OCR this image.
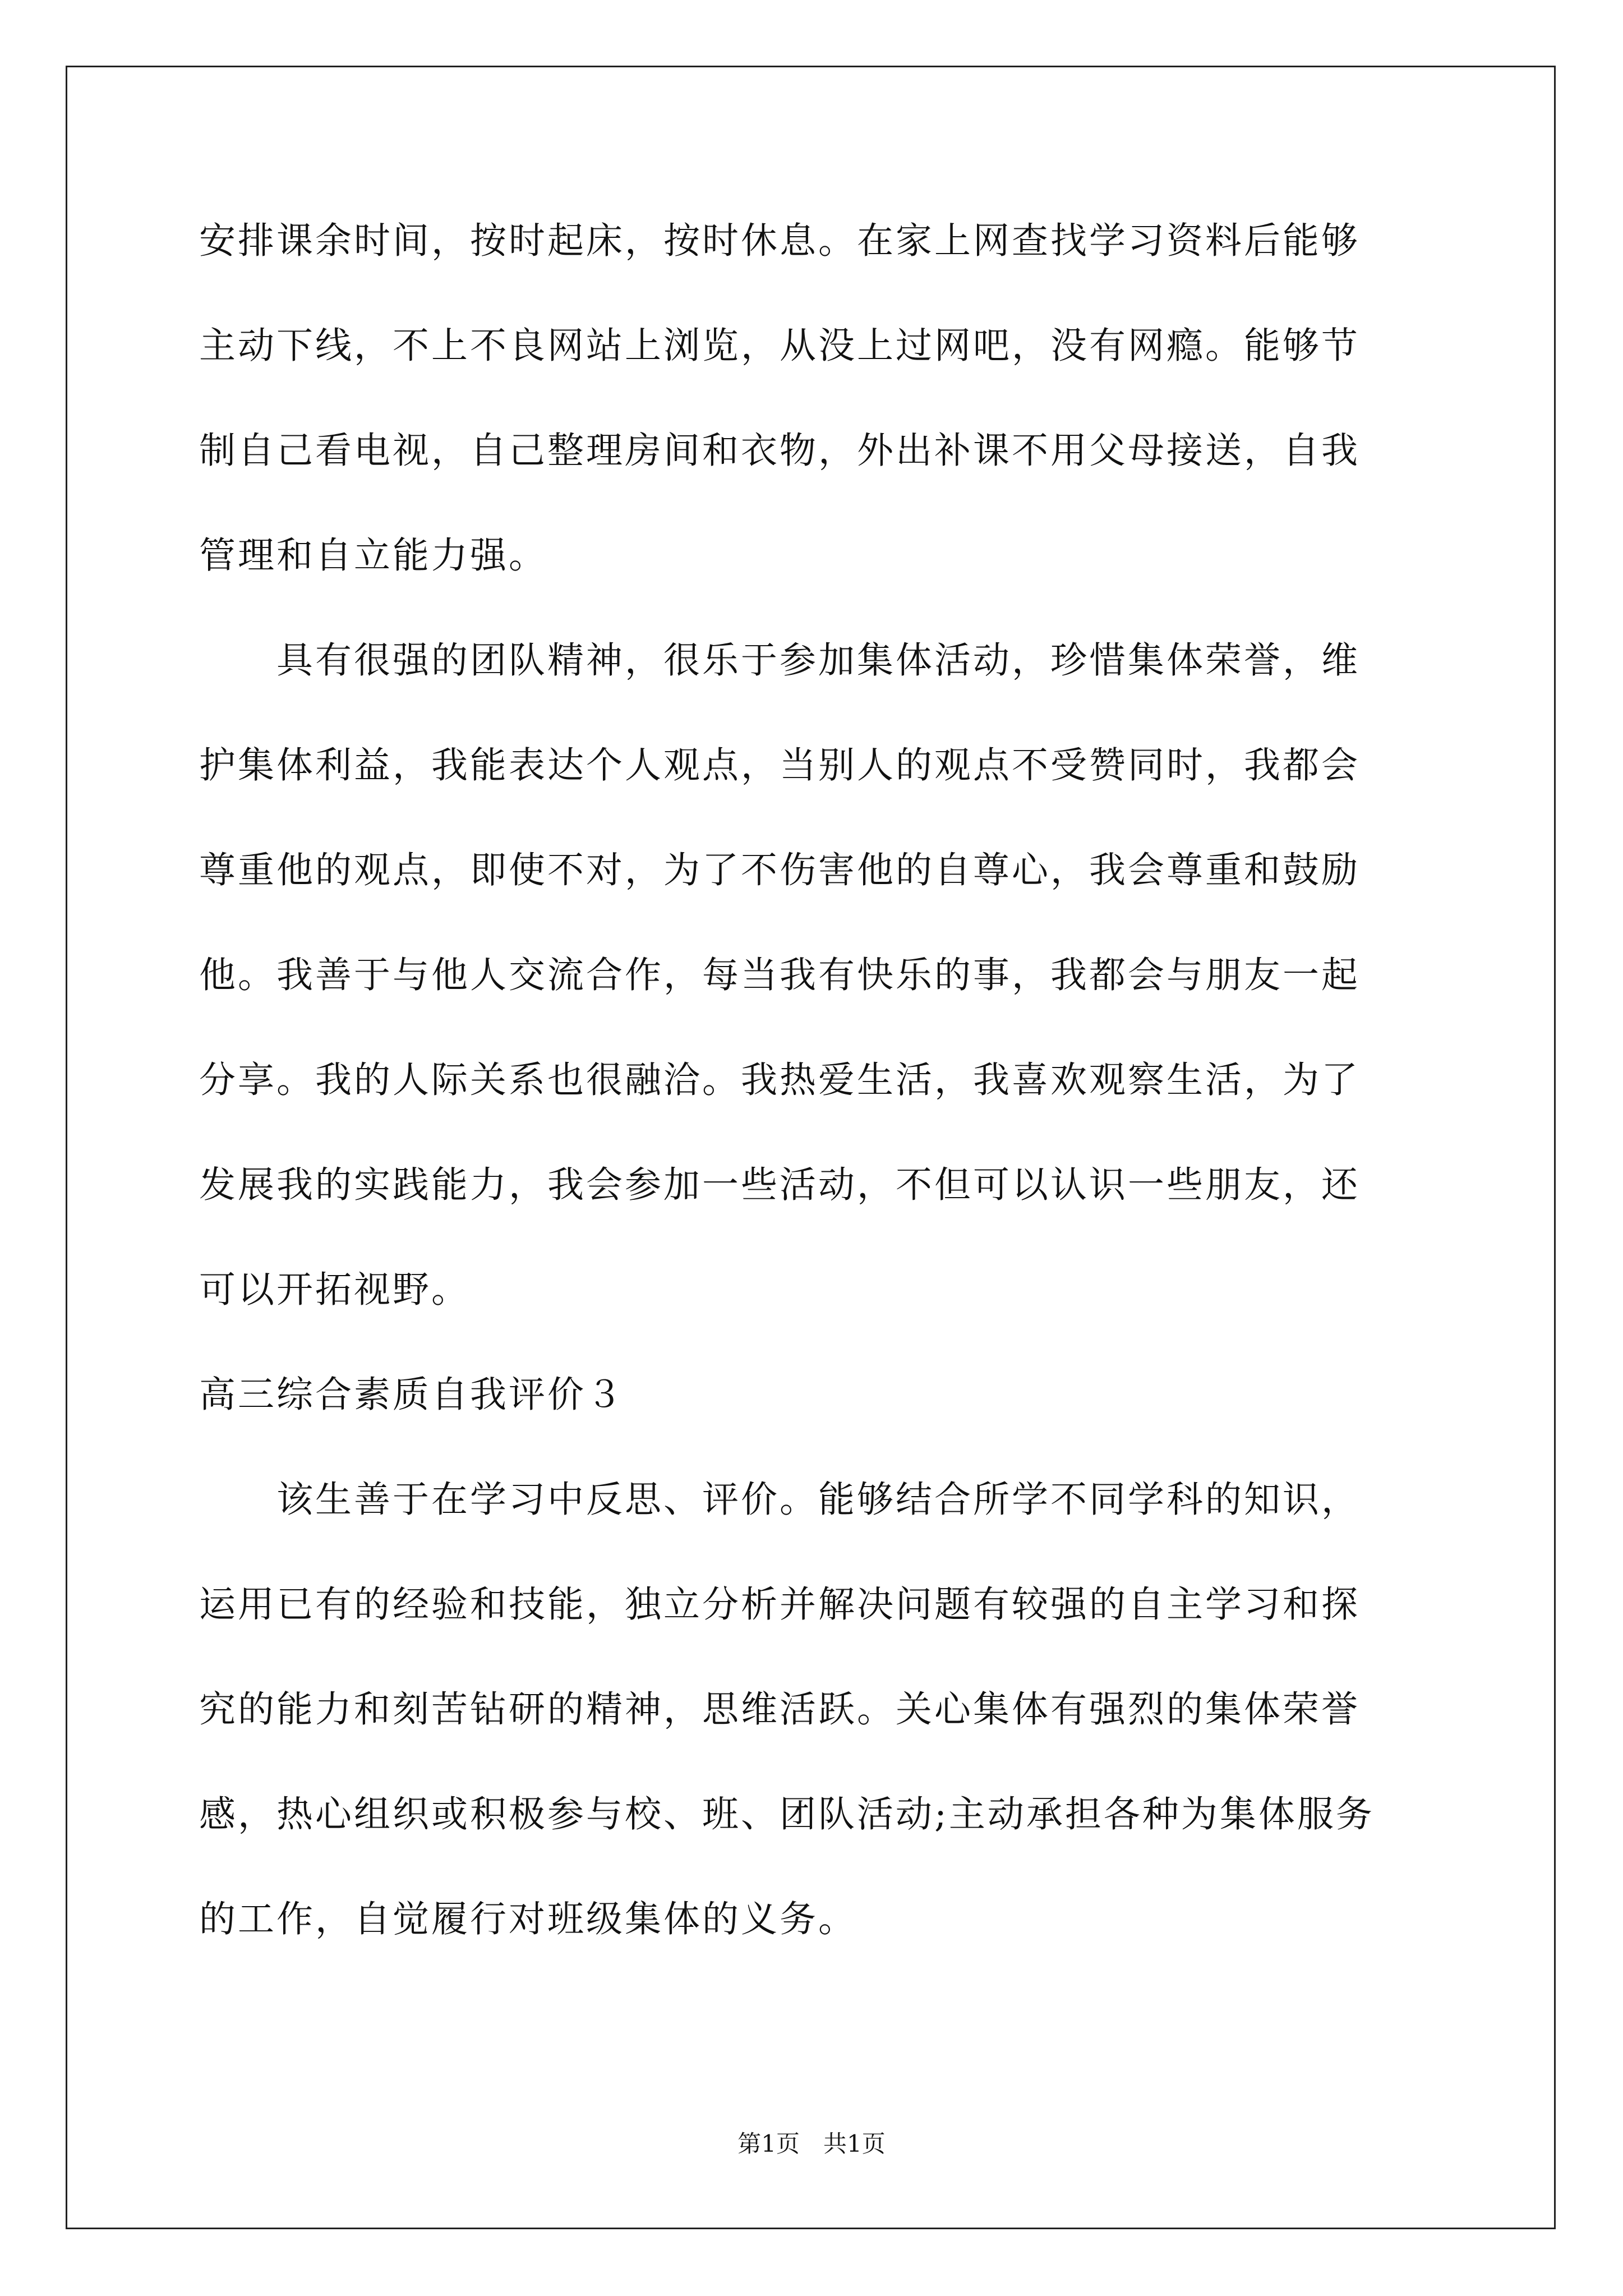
安排课余时间，按时起床，按时休息。在家上网查找学习资料后能够
主动下线，不上不良网站上浏览，从没上过网吧，没有网瘾。能够节
制自己看电视，自己整理房间和衣物，外出补课不用父母接送，自我
管理和自立能力强。
　　具有很强的团队精神，很乐于参加集体活动，珍惜集体荣誉，维
护集体利益，我能表达个人观点，当别人的观点不受赞同时，我都会
尊重他的观点，即使不对，为了不伤害他的自尊心，我会尊重和鼓励
他。我善于与他人交流合作，每当我有快乐的事，我都会与朋友一起
分享。我的人际关系也很融洽。我热爱生活，我喜欢观察生活，为了
发展我的实践能力，我会参加一些活动，不但可以认识一些朋友，还
可以开拓视野。
高三综合素质自我评价３
　　该生善于在学习中反思、评价。能够结合所学不同学科的知识，
运用已有的经验和技能，独立分析并解决问题有较强的自主学习和探
究的能力和刻苦钻研的精神，思维活跃。关心集体有强烈的集体荣誉
感，热心组织或积极参与校、班、团队活动;主动承担各种为集体服务
的工作，自觉履行对班级集体的义务。
第1页　共1页
